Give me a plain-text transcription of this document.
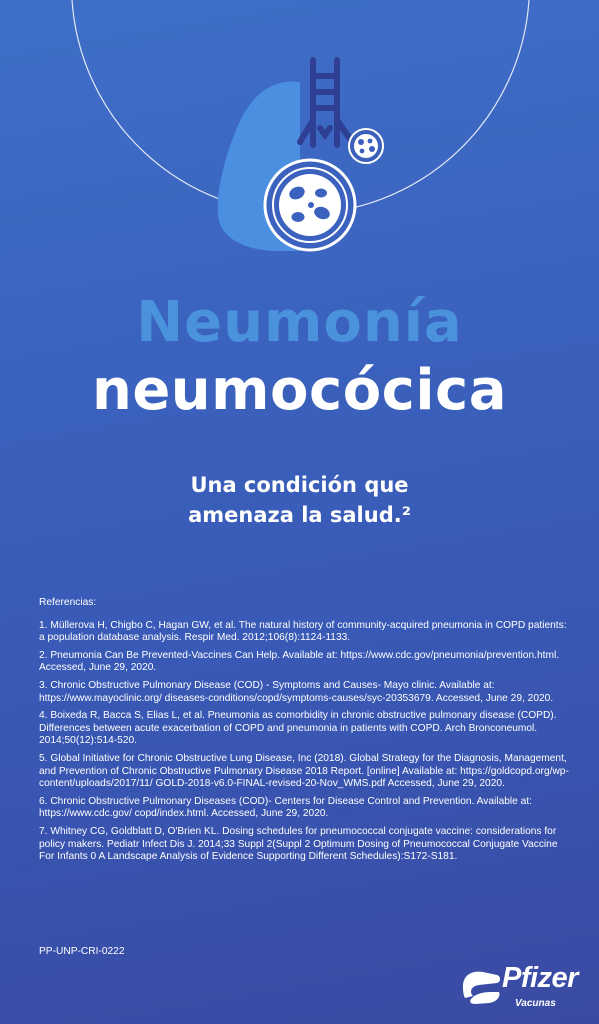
Neumonía
neumocócica
Una condición que
amenaza la salud.²
Referencias:
1. Müllerova H, Chigbo C, Hagan GW, et al. The natural history of community-acquired pneumonia in COPD patients: a population database analysis. Respir Med. 2012;106(8):1124-1133.
2. Pneumonia Can Be Prevented-Vaccines Can Help. Available at: https://www.cdc.gov/pneumonia/prevention.html. Accessed, June 29, 2020.
3. Chronic Obstructive Pulmonary Disease (COD) - Symptoms and Causes- Mayo clinic. Available at: https://www.mayoclinic.org/ diseases-conditions/copd/symptoms-causes/syc-20353679. Accessed, June 29, 2020.
4. Boixeda R, Bacca S, Elias L, et al. Pneumonia as comorbidity in chronic obstructive pulmonary disease (COPD). Differences between acute exacerbation of COPD and pneumonia in patients with COPD. Arch Bronconeumol. 2014;50(12):514-520.
5. Global Initiative for Chronic Obstructive Lung Disease, Inc (2018). Global Strategy for the Diagnosis, Management, and Prevention of Chronic Obstructive Pulmonary Disease 2018 Report. [online] Available at: https://goldcopd.org/wp-content/uploads/2017/11/ GOLD-2018-v6.0-FINAL-revised-20-Nov_WMS.pdf Accessed, June 29, 2020.
6. Chronic Obstructive Pulmonary Diseases (COD)- Centers for Disease Control and Prevention. Available at: https://www.cdc.gov/ copd/index.html. Accessed, June 29, 2020.
7. Whitney CG, Goldblatt D, O'Brien KL. Dosing schedules for pneumococcal conjugate vaccine: considerations for policy makers. Pediatr Infect Dis J. 2014;33 Suppl 2(Suppl 2 Optimum Dosing of Pneumococcal Conjugate Vaccine For Infants 0 A Landscape Analysis of Evidence Supporting Different Schedules):S172-S181.
PP-UNP-CRI-0222
Pfizer
Vacunas
